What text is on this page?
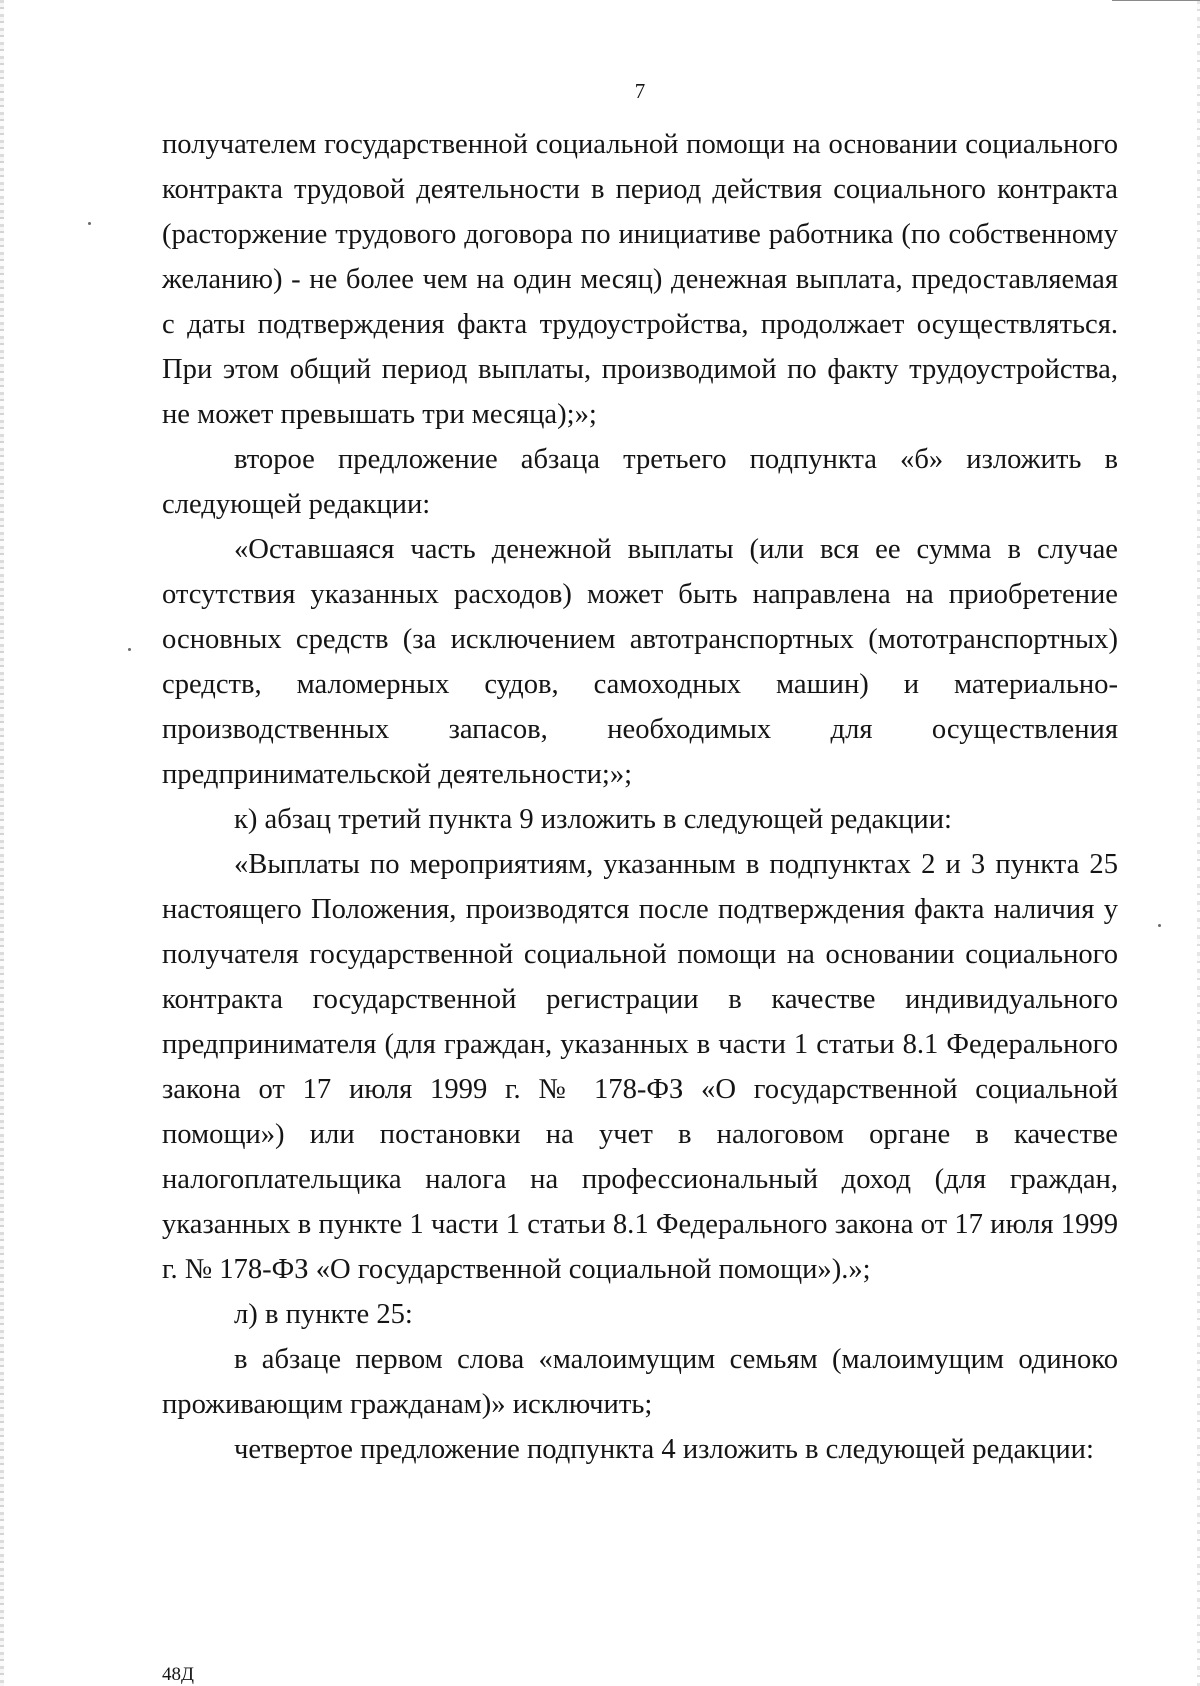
7

получателем государственной социальной помощи на основании социального контракта трудовой деятельности в период действия социального контракта (расторжение трудового договора по инициативе работника (по собственному желанию) - не более чем на один месяц) денежная выплата, предоставляемая с даты подтверждения факта трудоустройства, продолжает осуществляться. При этом общий период выплаты, производимой по факту трудоустройства, не может превышать три месяца);»;

второе предложение абзаца третьего подпункта «б» изложить в следующей редакции:

«Оставшаяся часть денежной выплаты (или вся ее сумма в случае отсутствия указанных расходов) может быть направлена на приобретение основных средств (за исключением автотранспортных (мототранспортных) средств, маломерных судов, самоходных машин) и материально-производственных запасов, необходимых для осуществления предпринимательской деятельности;»;

к) абзац третий пункта 9 изложить в следующей редакции:

«Выплаты по мероприятиям, указанным в подпунктах 2 и 3 пункта 25 настоящего Положения, производятся после подтверждения факта наличия у получателя государственной социальной помощи на основании социального контракта государственной регистрации в качестве индивидуального предпринимателя (для граждан, указанных в части 1 статьи 8.1 Федерального закона от 17 июля 1999 г. № 178-ФЗ «О государственной социальной помощи») или постановки на учет в налоговом органе в качестве налогоплательщика налога на профессиональный доход (для граждан, указанных в пункте 1 части 1 статьи 8.1 Федерального закона от 17 июля 1999 г. № 178-ФЗ «О государственной социальной помощи»).»;

л) в пункте 25:

в абзаце первом слова «малоимущим семьям (малоимущим одиноко проживающим гражданам)» исключить;

четвертое предложение подпункта 4 изложить в следующей редакции:

48Д
